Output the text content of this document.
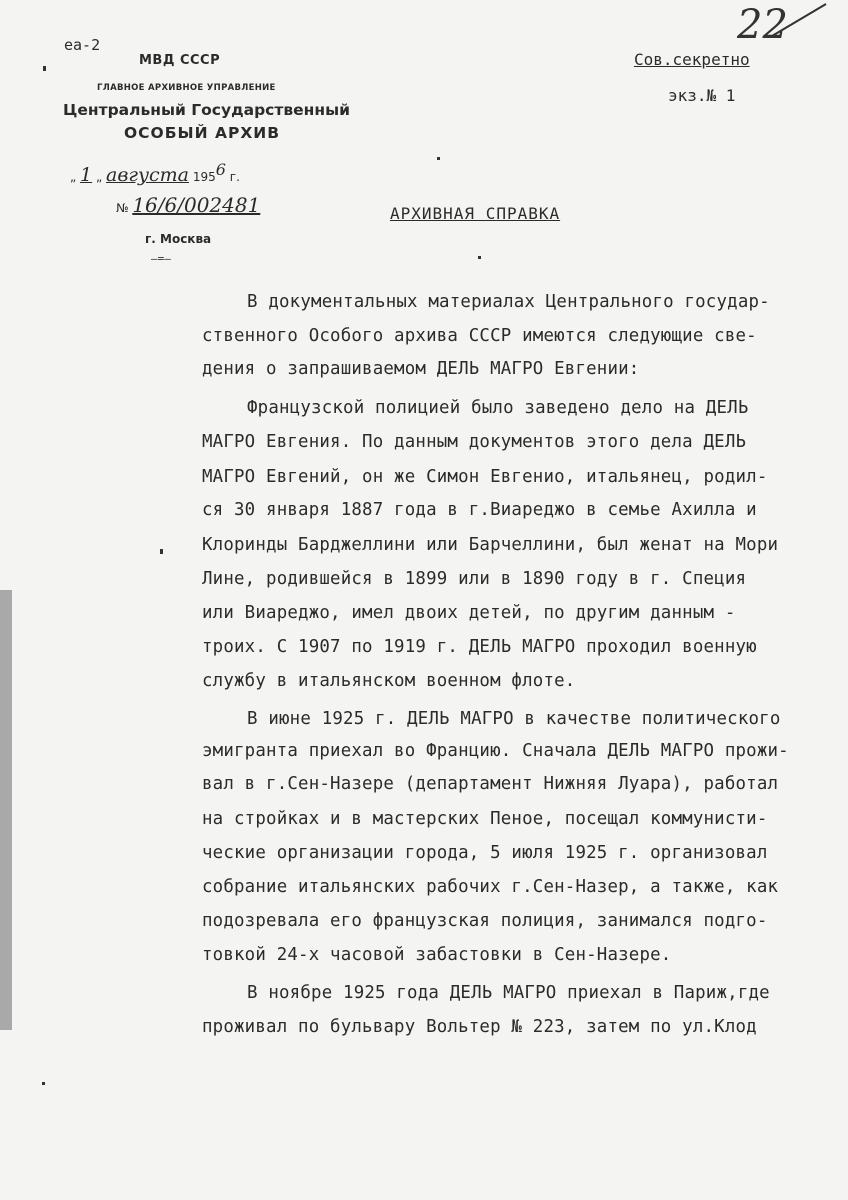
ea-2
МВД СССР
ГЛАВНОЕ АРХИВНОЕ УПРАВЛЕНИЕ
Центральный Государственный
ОСОБЫЙ АРХИВ
„ 1 „ августа 1956 г.
№ 16/6/002481
г. Москва
—=—
22
Сов.секретно
экз.№ 1
АРХИВНАЯ СПРАВКА
В документальных материалах Центрального государ-
ственного Особого архива СССР имеются следующие све-
дения о запрашиваемом ДЕЛЬ МАГРО Евгении:
Французской полицией было заведено дело на ДЕЛЬ
МАГРО Евгения. По данным документов этого дела ДЕЛЬ
МАГРО Евгений, он же Симон Евгенио, итальянец, родил-
ся 30 января 1887 года в г.Виареджо в семье Ахилла и
Клоринды Барджеллини или Барчеллини, был женат на Мори
Лине, родившейся в 1899 или в 1890 году в г. Специя
или Виареджо, имел двоих детей, по другим данным -
троих. С 1907 по 1919 г. ДЕЛЬ МАГРО проходил военную
службу в итальянском военном флоте.
В июне 1925 г. ДЕЛЬ МАГРО в качестве политического
эмигранта приехал во Францию. Сначала ДЕЛЬ МАГРО прожи-
вал в г.Сен-Назере (департамент Нижняя Луара), работал
на стройках и в мастерских Пеное, посещал коммунисти-
ческие организации города, 5 июля 1925 г. организовал
собрание итальянских рабочих г.Сен-Назер, а также, как
подозревала его французская полиция, занимался подго-
товкой 24-х часовой забастовки в Сен-Назере.
В ноябре 1925 года ДЕЛЬ МАГРО приехал в Париж,где
проживал по бульвару Вольтер № 223, затем по ул.Клод
